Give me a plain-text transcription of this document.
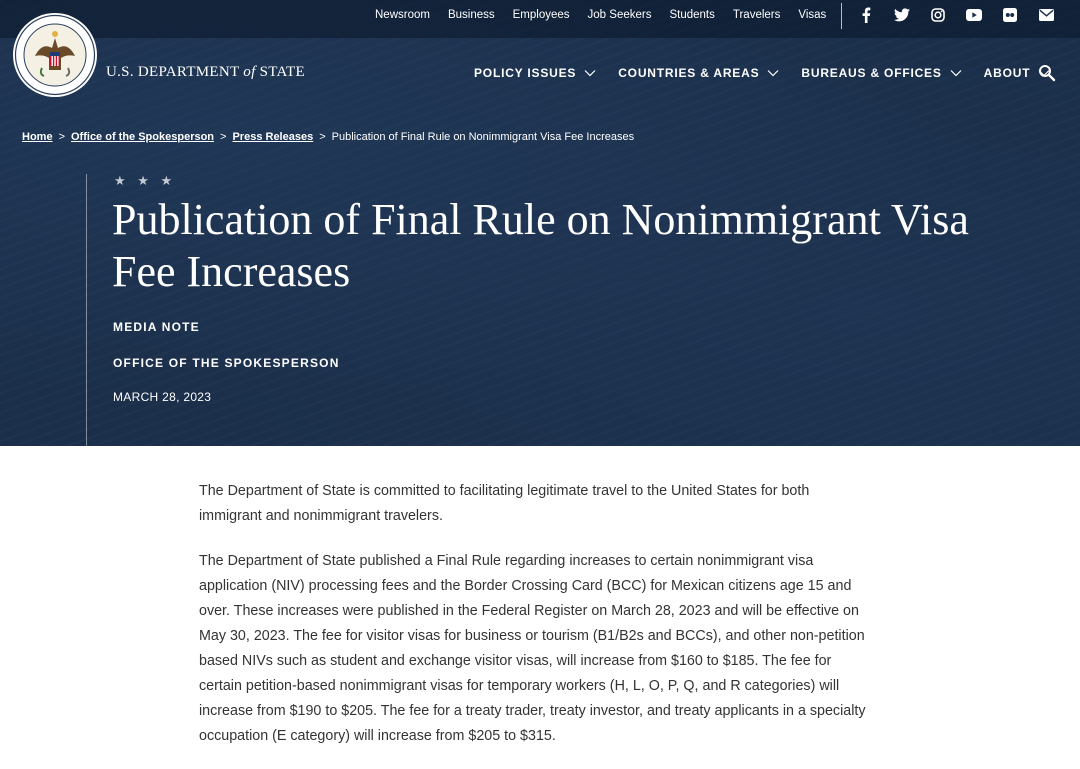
Newsroom Business Employees Job Seekers Students Travelers Visas
U.S. DEPARTMENT of STATE	POLICY ISSUES	COUNTRIES & AREAS	BUREAUS & OFFICES	ABOUT
Home > Office of the Spokesperson > Press Releases > Publication of Final Rule on Nonimmigrant Visa Fee Increases
★ ★ ★
Publication of Final Rule on Nonimmigrant Visa Fee Increases
MEDIA NOTE
OFFICE OF THE SPOKESPERSON
MARCH 28, 2023

The Department of State is committed to facilitating legitimate travel to the United States for both immigrant and nonimmigrant travelers.

The Department of State published a Final Rule regarding increases to certain nonimmigrant visa application (NIV) processing fees and the Border Crossing Card (BCC) for Mexican citizens age 15 and over. These increases were published in the Federal Register on March 28, 2023 and will be effective on May 30, 2023. The fee for visitor visas for business or tourism (B1/B2s and BCCs), and other non-petition based NIVs such as student and exchange visitor visas, will increase from $160 to $185. The fee for certain petition-based nonimmigrant visas for temporary workers (H, L, O, P, Q, and R categories) will increase from $190 to $205. The fee for a treaty trader, treaty investor, and treaty applicants in a specialty occupation (E category) will increase from $205 to $315.
